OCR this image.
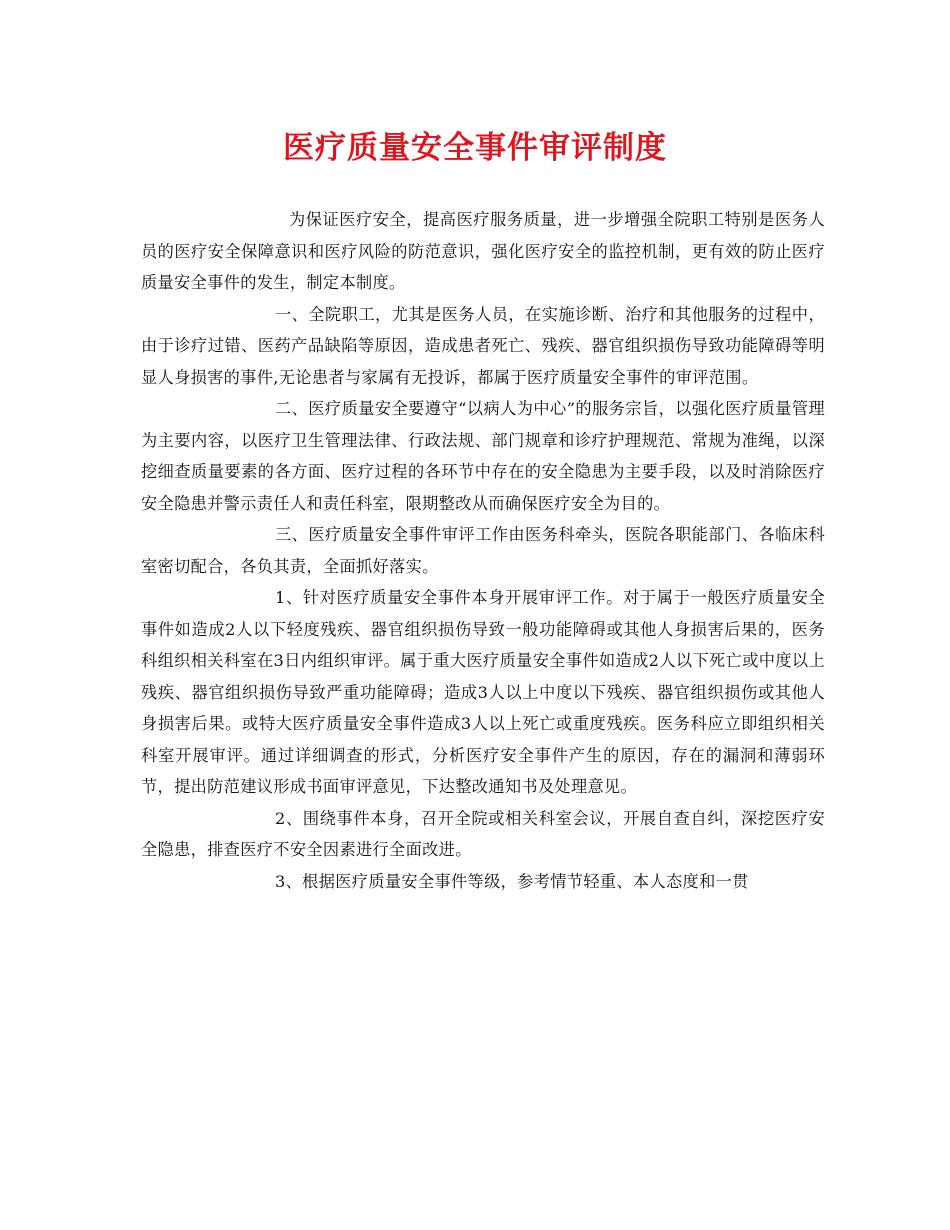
医疗质量安全事件审评制度

为保证医疗安全，提高医疗服务质量，进一步增强全院职工特别是医务人员的医疗安全保障意识和医疗风险的防范意识，强化医疗安全的监控机制，更有效的防止医疗质量安全事件的发生，制定本制度。

一、全院职工，尤其是医务人员，在实施诊断、治疗和其他服务的过程中，由于诊疗过错、医药产品缺陷等原因，造成患者死亡、残疾、器官组织损伤导致功能障碍等明显人身损害的事件,无论患者与家属有无投诉，都属于医疗质量安全事件的审评范围。

二、医疗质量安全要遵守“以病人为中心”的服务宗旨，以强化医疗质量管理为主要内容，以医疗卫生管理法律、行政法规、部门规章和诊疗护理规范、常规为准绳，以深挖细查质量要素的各方面、医疗过程的各环节中存在的安全隐患为主要手段，以及时消除医疗安全隐患并警示责任人和责任科室，限期整改从而确保医疗安全为目的。

三、医疗质量安全事件审评工作由医务科牵头，医院各职能部门、各临床科室密切配合，各负其责，全面抓好落实。

1、针对医疗质量安全事件本身开展审评工作。对于属于一般医疗质量安全事件如造成2人以下轻度残疾、器官组织损伤导致一般功能障碍或其他人身损害后果的，医务科组织相关科室在3日内组织审评。属于重大医疗质量安全事件如造成2人以下死亡或中度以上残疾、器官组织损伤导致严重功能障碍；造成3人以上中度以下残疾、器官组织损伤或其他人身损害后果。或特大医疗质量安全事件造成3人以上死亡或重度残疾。医务科应立即组织相关科室开展审评。通过详细调查的形式，分析医疗安全事件产生的原因，存在的漏洞和薄弱环节，提出防范建议形成书面审评意见，下达整改通知书及处理意见。

2、围绕事件本身，召开全院或相关科室会议，开展自查自纠，深挖医疗安全隐患，排查医疗不安全因素进行全面改进。

3、根据医疗质量安全事件等级，参考情节轻重、本人态度和一贯
